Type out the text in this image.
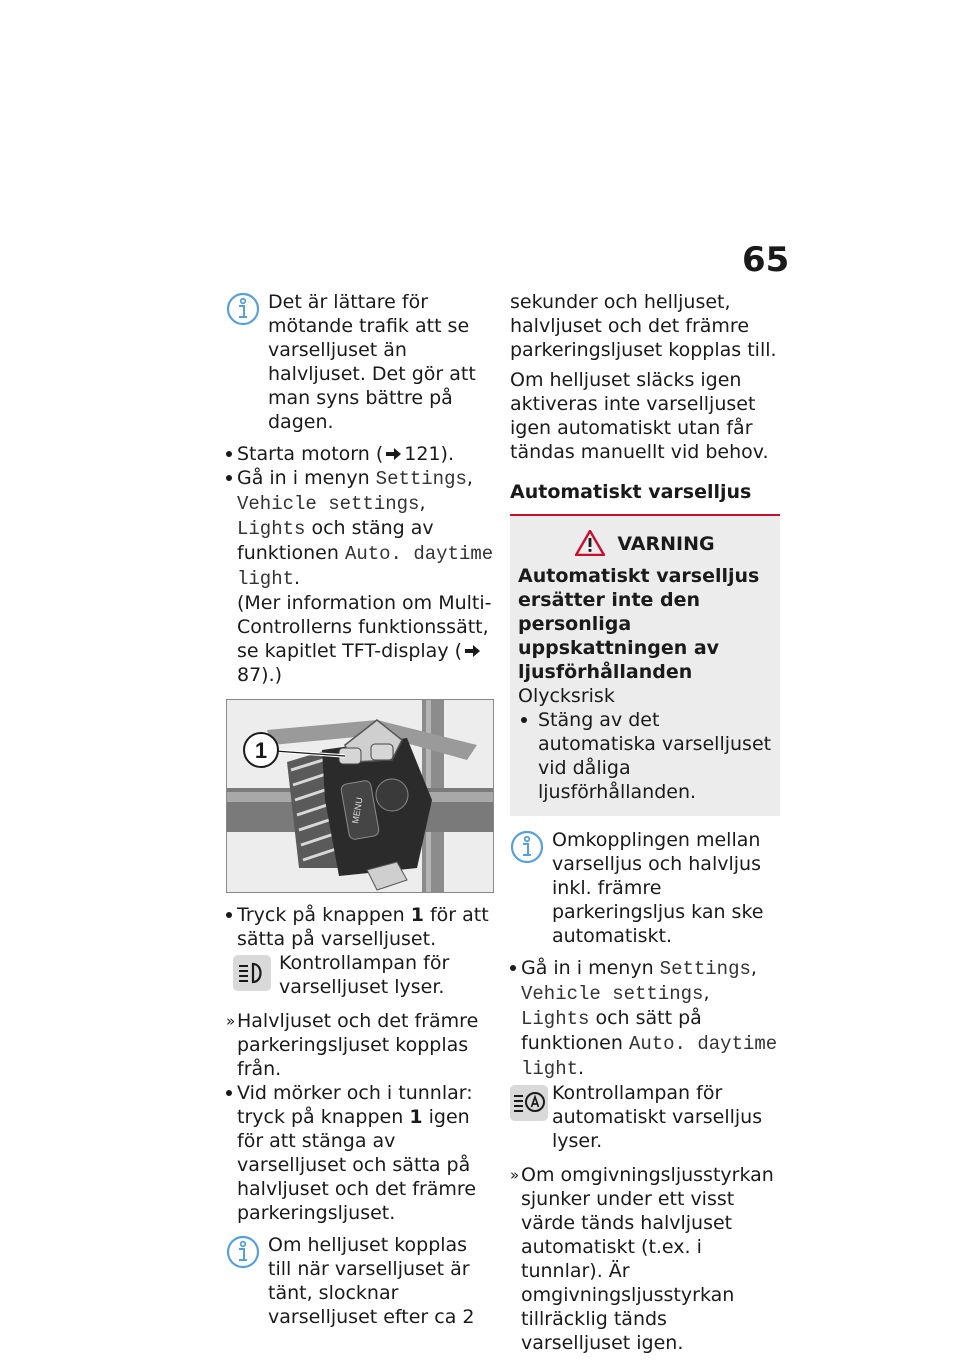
65
Det är lättare för mötande trafik att se varselljuset än halvljuset. Det gör att man syns bättre på dagen.
Starta motorn ( 121).
Gå in i menyn Settings, Vehicle settings, Lights och stäng av funktionen Auto. daytime light.
(Mer information om Multi-Controllerns funktionssätt, se kapitlet TFT-display (87).)
MENU
1
Tryck på knappen 1 för att sätta på varselljuset.
Kontrollampan för varselljuset lyser.
» Halvljuset och det främre parkeringsljuset kopplas från.
Vid mörker och i tunnlar: tryck på knappen 1 igen för att stänga av varselljuset och sätta på halvljuset och det främre parkeringsljuset.
Om helljuset kopplas till när varselljuset är tänt, slocknar varselljuset efter ca 2
sekunder och helljuset, halvljuset och det främre parkeringsljuset kopplas till.
Om helljuset släcks igen aktiveras inte varselljuset igen automatiskt utan får tändas manuellt vid behov.
Automatiskt varselljus
VARNING
Automatiskt varselljus ersätter inte den personliga uppskattningen av ljusförhållanden
Olycksrisk
Stäng av det automatiska varselljuset vid dåliga ljusförhållanden.
Omkopplingen mellan varselljus och halvljus inkl. främre parkeringsljus kan ske automatiskt.
Gå in i menyn Settings, Vehicle settings, Lights och sätt på funktionen Auto. daytime light.
Kontrollampan för automatiskt varselljus lyser.
» Om omgivningsljusstyrkan sjunker under ett visst värde tänds halvljuset automatiskt (t.ex. i tunnlar). Är omgivningsljusstyrkan tillräcklig tänds varselljuset igen.
